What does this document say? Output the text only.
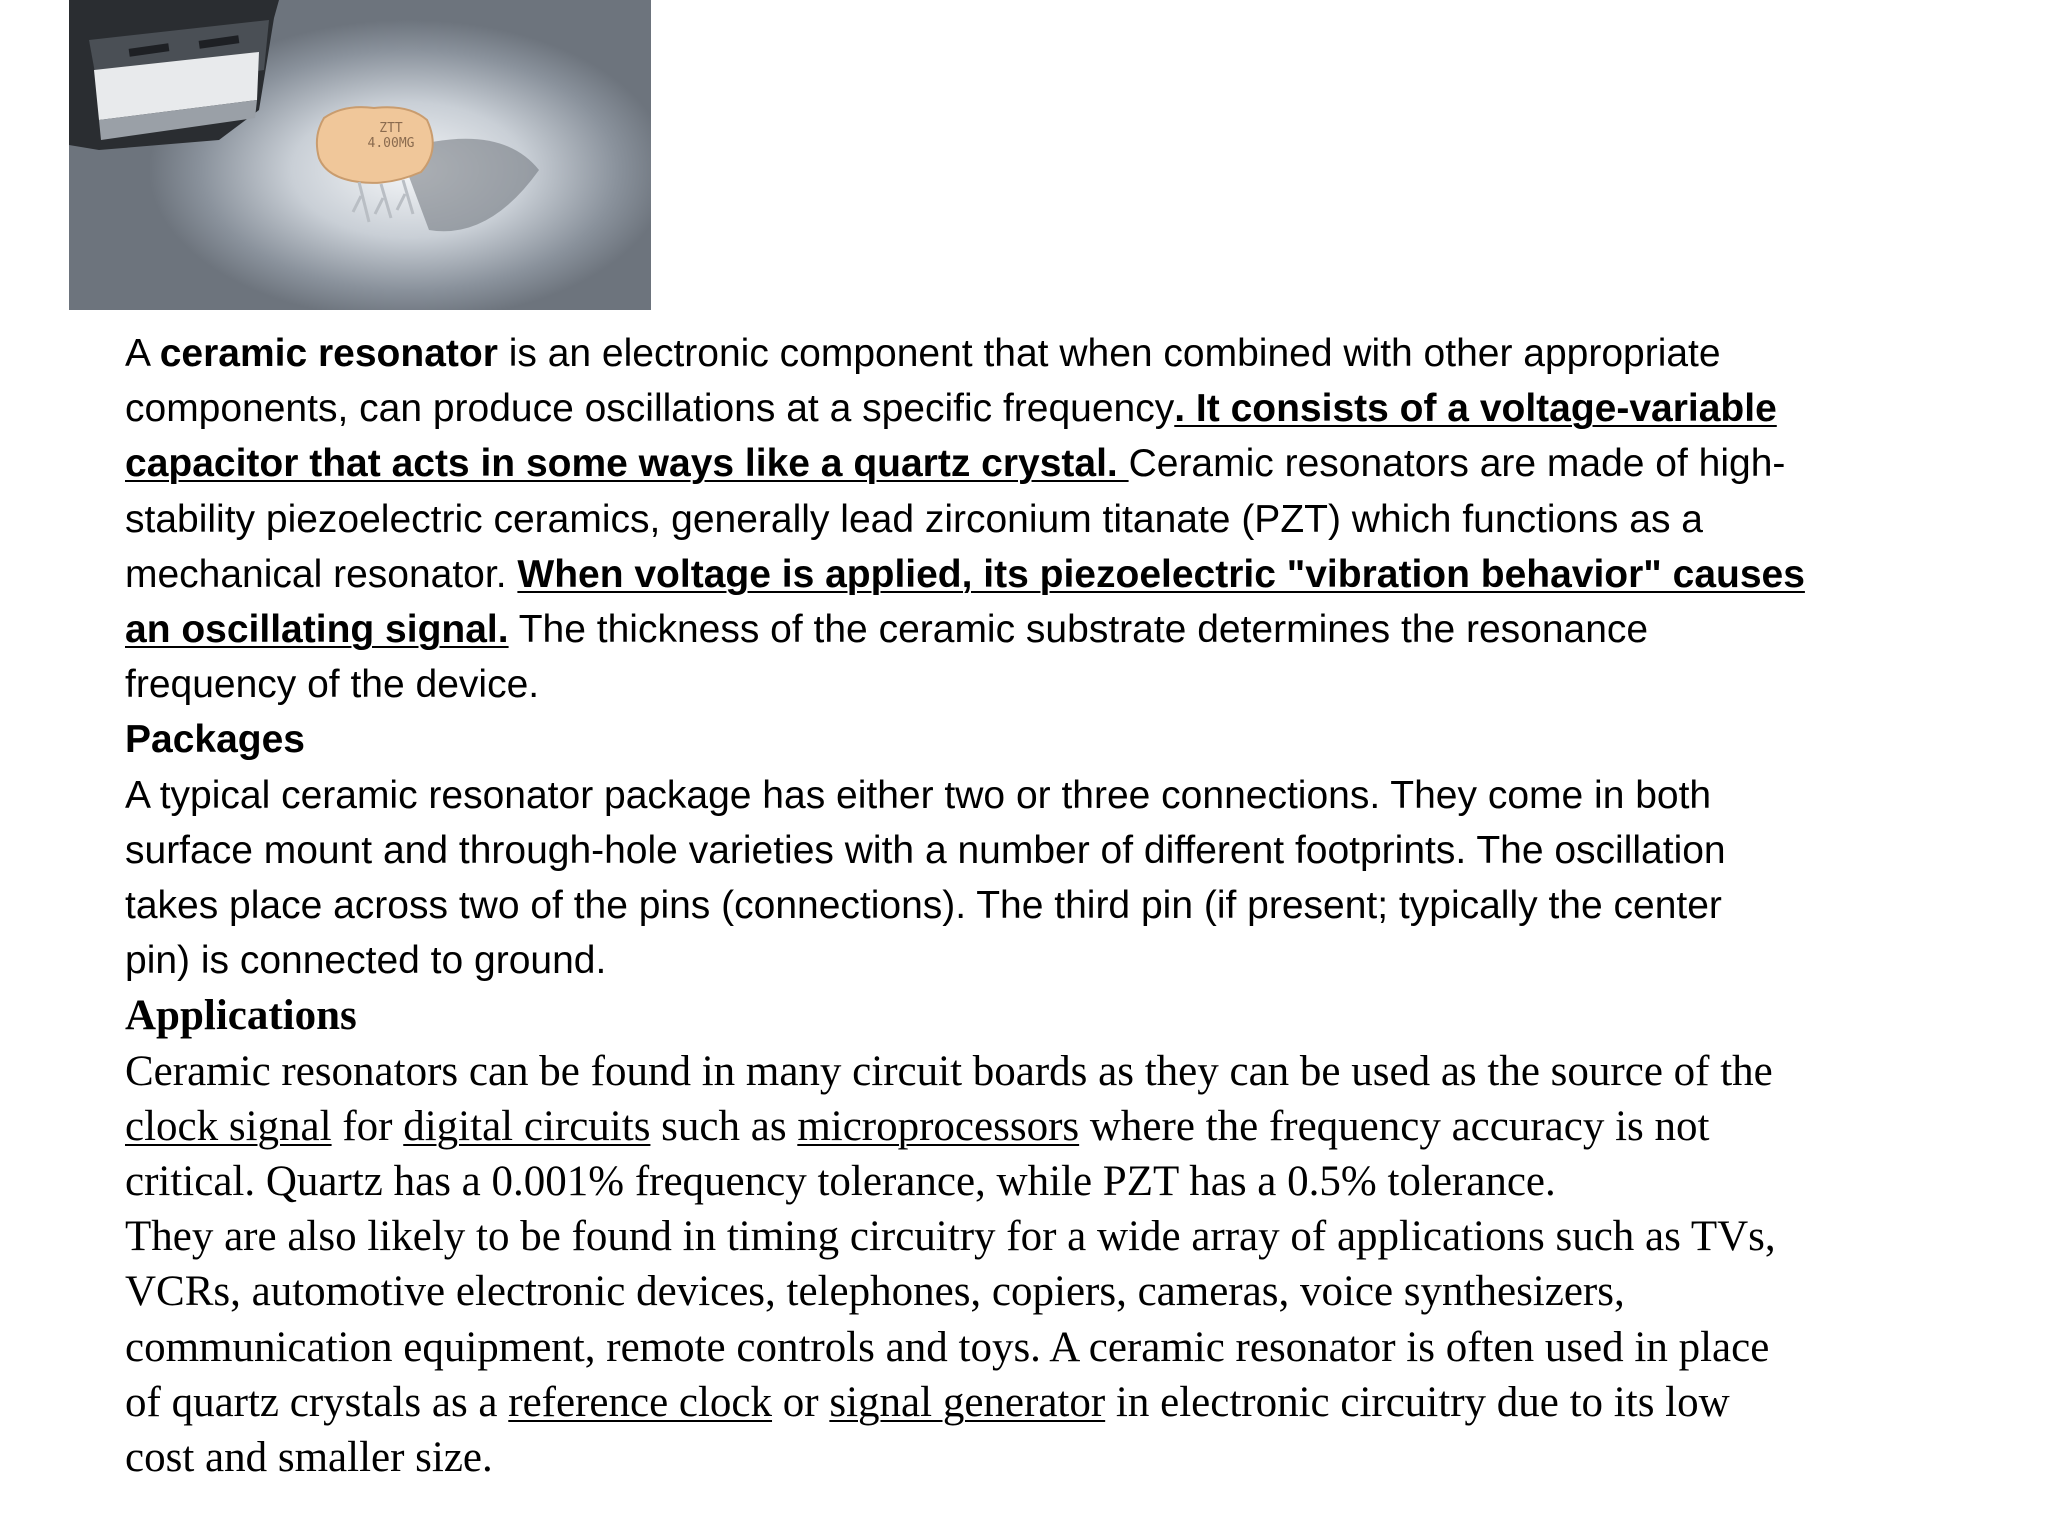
ZTT
4.00MG

A ceramic resonator is an electronic component that when combined with other appropriate
components, can produce oscillations at a specific frequency. It consists of a voltage-variable
capacitor that acts in some ways like a quartz crystal. Ceramic resonators are made of high-
stability piezoelectric ceramics, generally lead zirconium titanate (PZT) which functions as a
mechanical resonator. When voltage is applied, its piezoelectric "vibration behavior" causes
an oscillating signal. The thickness of the ceramic substrate determines the resonance
frequency of the device.

Packages
A typical ceramic resonator package has either two or three connections. They come in both
surface mount and through-hole varieties with a number of different footprints. The oscillation
takes place across two of the pins (connections). The third pin (if present; typically the center
pin) is connected to ground.

Applications
Ceramic resonators can be found in many circuit boards as they can be used as the source of the
clock signal for digital circuits such as microprocessors where the frequency accuracy is not
critical. Quartz has a 0.001% frequency tolerance, while PZT has a 0.5% tolerance.
They are also likely to be found in timing circuitry for a wide array of applications such as TVs,
VCRs, automotive electronic devices, telephones, copiers, cameras, voice synthesizers,
communication equipment, remote controls and toys. A ceramic resonator is often used in place
of quartz crystals as a reference clock or signal generator in electronic circuitry due to its low
cost and smaller size.
